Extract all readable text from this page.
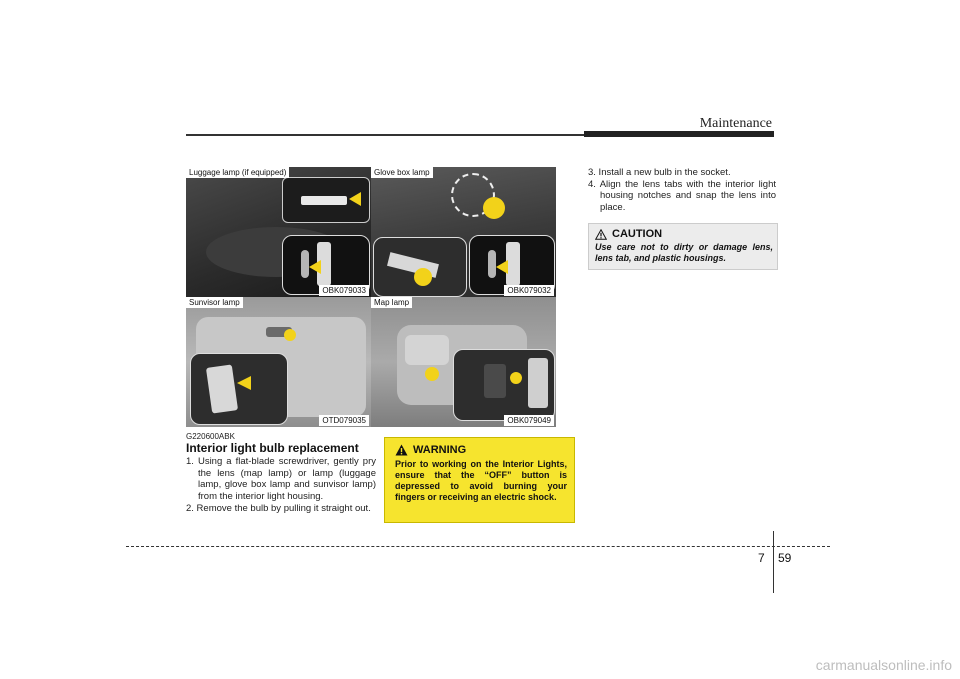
Maintenance
Luggage lamp (if equipped)
OBK079033
Glove box lamp
OBK079032
Sunvisor lamp
OTD079035
Map lamp
OBK079049
G220600ABK
Interior light bulb replacement
1. Using a flat-blade screwdriver, gently pry the lens (map lamp) or lamp (luggage lamp, glove box lamp and sunvisor lamp) from the interior light housing.
2. Remove the bulb by pulling it straight out.
3. Install a new bulb in the socket.
4. Align the lens tabs with the interior light housing notches and snap the lens into place.
WARNING
Prior to working on the Interior Lights, ensure that the “OFF” button is depressed to avoid burning your fingers or receiving an electric shock.
CAUTION
Use care not to dirty or damage lens, lens tab, and plastic housings.
7 59
carmanualsonline.info
